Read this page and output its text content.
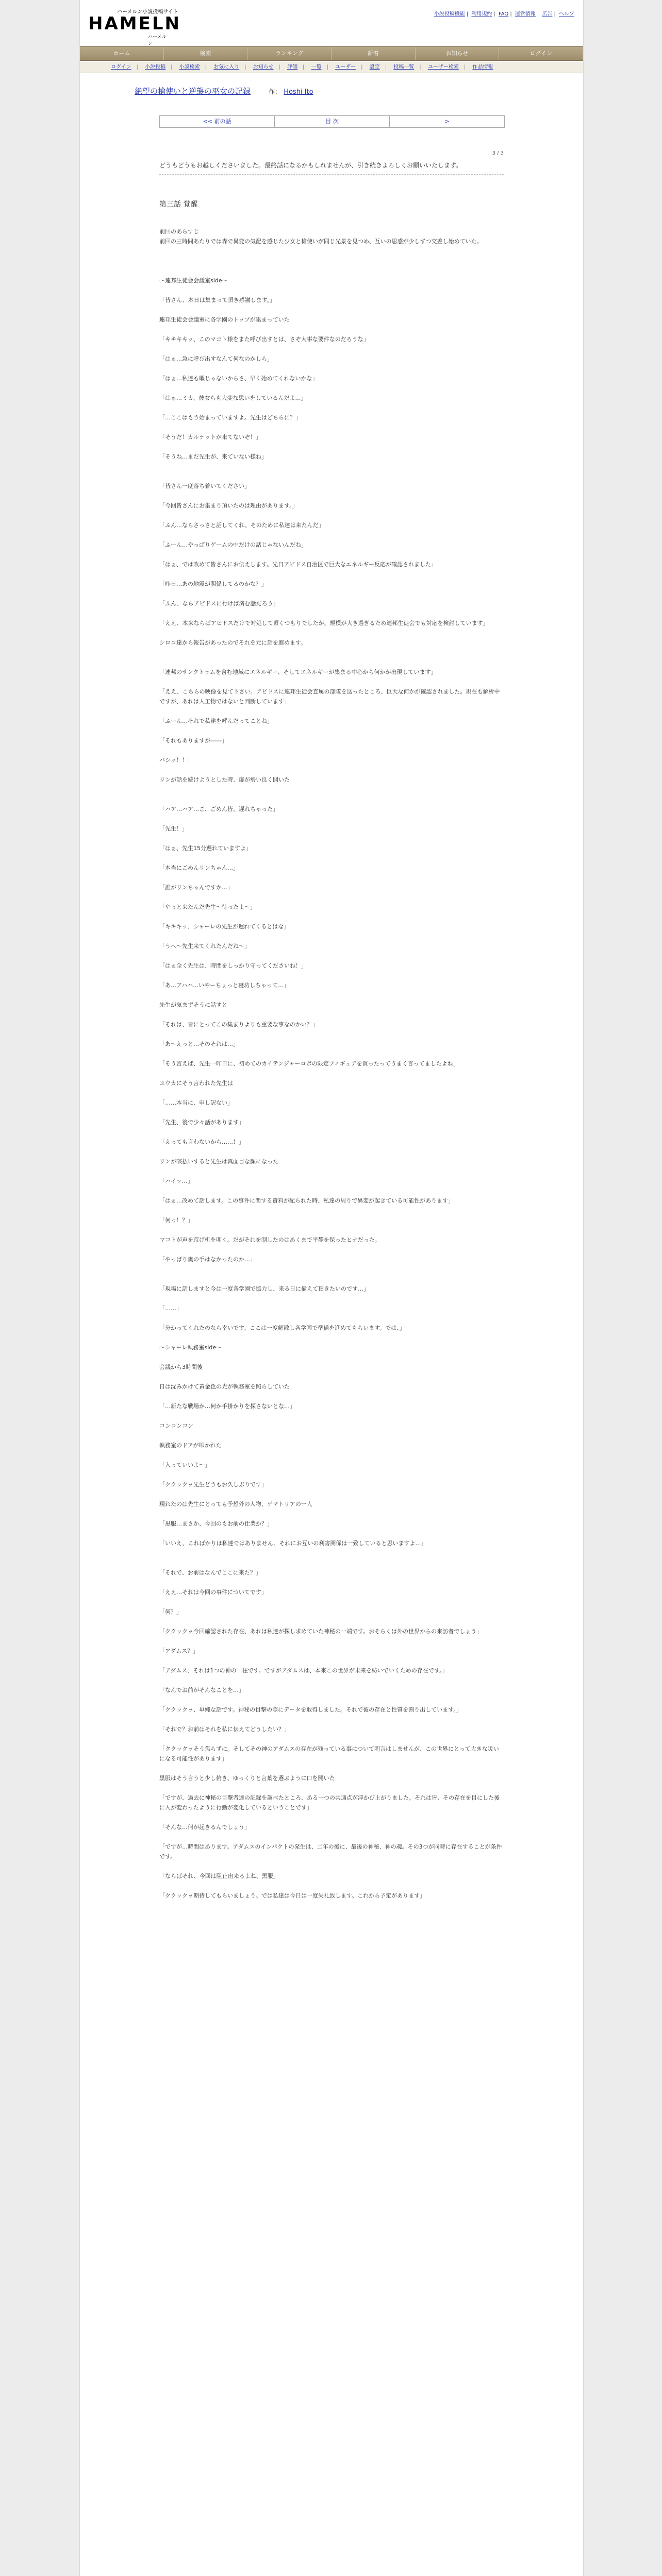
ハーメルン小説投稿サイト
HAMELN
ハーメルン
小説投稿機能 | 利用規約 | FAQ | 運営情報 | 広告 | ヘルプ
ホーム	検索	ランキング	新着	お知らせ	ログイン
ログイン | 小説投稿 | 小説検索 | お気に入り | お知らせ | 評価 | 一覧 | ユーザー | 設定 | 投稿一覧 | ユーザー検索 | 作品情報
絶望の槍使いと逆襲の巫女の記録	作： Hoshi Ito
<< 前の話	目 次	>
3 / 3
どうもどうもお越しくださいました。最終話になるかもしれませんが、引き続きよろしくお願いいたします。
第三話 覚醒

前回のあらすじ

前回の三時間あたりでは森で異変の気配を感じた少女と槍使いが同じ光景を見つめ、互いの思惑が少しずつ交差し始めていた。

〜連邦生徒会会議室side〜

「皆さん、本日は集まって頂き感謝します。」

連邦生徒会会議室に各学園のトップが集まっていた

「キキキキッ、このマコト様をまた呼び出すとは、さぞ大事な要件なのだろうな」

「はぁ…急に呼び出すなんて何なのかしら」

「はぁ…私達も暇じゃないからさ、早く始めてくれないかな」

「はぁ…ミカ、彼女らも大変な思いをしているんだよ…」

「…ここはもう始まっていますよ。先生はどちらに？」

「そうだ！カルテットが来てないぞ！」

「そうね…まだ先生が、来ていない様ね」

「皆さん一度落ち着いてください」

「今回皆さんにお集まり頂いたのは理由があります。」

「ふん…ならさっさと話してくれ。そのために私達は来たんだ」

「ふーん…やっぱりゲームの中だけの話じゃないんだね」

「はぁ、では改めて皆さんにお伝えします。先日アビドス自治区で巨大なエネルギー反応が確認されました」

「昨日…あの地震が関係してるのかな？」

「ふん、ならアビドスに行けば済む話だろう」

「ええ、本来ならばアビドスだけで対処して頂くつもりでしたが、規模が大き過ぎるため連邦生徒会でも対応を検討しています」

シロコ達から報告があったのでそれを元に話を進めます。

「連邦のサンクトゥムを含む地域にエネルギー、そしてエネルギーが集まる中心から何かが出現しています」

「ええ、こちらの映像を見て下さい。アビドスに連邦生徒会直属の部隊を送ったところ、巨大な何かが確認されました。現在も解析中ですが、あれは人工物ではないと判断しています」

「ふーん…それで私達を呼んだってことね」

「それもありますが――」

バシッ！！！

リンが話を続けようとした時、扉が勢い良く開いた

「ハア…ハア…ご、ごめん皆、遅れちゃった」

「先生！」

「はぁ、先生15分遅れていますよ」

「本当にごめんリンちゃん…」

「誰がリンちゃんですか…」

「やっと来たんだ先生〜待ったよ〜」

「キキキッ、シャーレの先生が遅れてくるとはな」

「うへ〜先生来てくれたんだね〜」

「はぁ全く先生は、時間をしっかり守ってくださいね！」

「あ…アハハ…いやーちょっと寝坊しちゃって…」

先生が気まずそうに話すと

「それは、皆にとってこの集まりよりも重要な事なのかい？」

「あ〜えっと…そのそれは…」

「そう言えば、先生一昨日に、初めてのカイテンジャーロボの限定フィギュアを買ったってうまく言ってましたよね」

ユウカにそう言われた先生は

「……本当に、申し訳ない」

「先生、後で少々話があります」

「えっても言わないから……！」

リンが咳払いすると先生は真面目な顔になった

「ハイッ…」

「はぁ…改めて話します。この事件に関する資料が配られた時、私達の周りで異変が起きている可能性があります」

「何っ！？」

マコトが声を荒げ机を叩く。だがそれを制したのはあくまで平静を保ったヒナだった。

「やっぱり奥の手はなかったのか…」

「現場に話しますと今は一度各学園で協力し、来る日に備えて頂きたいのです…」

「……」

「分かってくれたのなら幸いです。ここは一度解散し各学園で準備を進めてもらいます。では、」

〜シャーレ執務室side〜

会議から3時間後

日は沈みかけて黄金色の光が執務室を照らしていた

「…新たな戦場か…何か手掛かりを探さないとな…」

コンコンコン

執務室のドアが叩かれた

「入っていいよ〜」

「ククックッ先生どうもお久しぶりです」

現れたのは先生にとっても予想外の人物、ゲマトリアの一人

「黒服…まさか、今回のもお前の仕業か？」

「いいえ、こればかりは私達ではありません。それにお互いの利害関係は一致していると思いますよ…」

「それで、お前はなんでここに来た？」

「ええ…それは今回の事件についてです」

「何？」

「ククックッ今回確認された存在、あれは私達が探し求めていた神秘の一端です。おそらくは外の世界からの来訪者でしょう」

「アダムス？」

「アダムス、それは1つの神の一柱です。ですがアダムスは、本来この世界が未来を紡いでいくための存在です。」

「なんでお前がそんなことを…」

「ククックッ、単純な話です。神秘の目撃の際にデータを取得しました。それで彼の存在と性質を割り出しています。」

「それで？お前はそれを私に伝えてどうしたい？」

「ククックッそう焦らずに。そしてその神のアダムスの存在が残っている事について明言はしませんが、この世界にとって大きな災いになる可能性があります」

黒服はそう言うと少し俯き、ゆっくりと言葉を選ぶように口を開いた

「ですが、過去に神秘の目撃者達の記録を調べたところ、ある一つの共通点が浮かび上がりました。それは皆、その存在を目にした後に人が変わったように行動が変化しているということです」

「そんな…何が起きるんでしょう」

「ですが…時間はあります。アダムスのインパクトの発生は、二年の後に、最後の神秘、神の魂。その3つが同時に存在することが条件です。」

「ならばそれ、今回は阻止出来るよね、黒服」

「ククックッ期待してもらいましょう。では私達は今日は一度失礼致します。これから予定があります」
